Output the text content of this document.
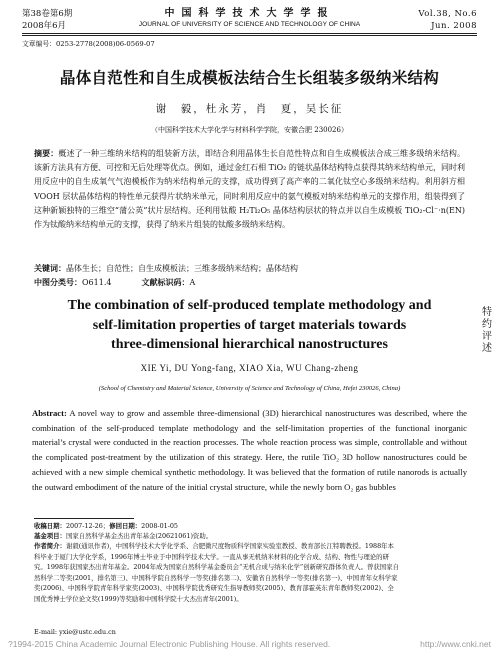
第38卷第6期
2008年6月
中国科学技术大学学报
JOURNAL OF UNIVERSITY OF SCIENCE AND TECHNOLOGY OF CHINA
Vol.38, No.6
Jun. 2008
文章编号：0253-2778(2008)06-0569-07
晶体自范性和自生成模板法结合生长组装多级纳米结构
谢　毅，杜永芳，肖　夏，吴长征
（中国科学技术大学化学与材料科学学院，安徽合肥 230026）
摘要：概述了一种三维纳米结构的组装新方法，即结合利用晶体生长自范性特点和自生成模板法合成三维多级纳米结构。该新方法具有方便、可控和无后处理等优点。例如，通过金红石相 TiO₂ 的链状晶体结构特点获得其纳米结构单元，同时利用反应中的自生成氧气气泡模板作为纳米结构单元的支撑，成功得到了高产率的二氧化钛空心多级纳米结构。利用斜方相 VOOH 层状晶体结构的特性单元获得片状纳米单元，同时利用反应中的氨气模板对纳米结构单元的支撑作用，组装得到了这种新颖独特的三维空“蒲公英”状片层结构。还利用钛酸 H₂Ti₂O₅ 晶体结构层状的特点并以自生成模板 TiO₂-Cl⁻·n(EN) 作为钛酸纳米结构单元的支撑，获得了纳米片组装的钛酸多级纳米结构。
关键词：晶体生长；自范性；自生成模板法；三维多级纳米结构；晶体结构
中图分类号：O611.4	文献标识码：A
The combination of self-produced template methodology and
self-limitation properties of target materials towards
three-dimensional hierarchical nanostructures
XIE Yi, DU Yong-fang, XIAO Xia, WU Chang-zheng
(School of Chemistry and Material Science, University of Science and Technology of China, Hefei 230026, China)
Abstract: A novel way to grow and assemble three-dimensional (3D) hierarchical nanostructures was described, where the combination of the self-produced template methodology and the self-limitation properties of the functional inorganic material’s crystal were conducted in the reaction processes. The whole reaction process was simple, controllable and without the complicated post-treatment by the utilization of this strategy. Here, the rutile TiO₂ 3D hollow nanostructures could be achieved with a new simple chemical synthetic methodology. It was believed that the formation of rutile nanorods is actually the outward embodiment of the nature of the initial crystal structure, while the newly born O₂ gas bubbles
特约评述
收稿日期：2007-12-26；修回日期：2008-01-05
基金项目：国家自然科学基金杰出青年基金(20621061)资助。
作者简介：谢毅(通讯作者)，中国科学技术大学化学系、合肥微尺度物质科学国家实验室教授、教育部长江特聘教授。1988年本科毕业于厦门大学化学系，1996年博士毕业于中国科学技术大学。一直从事无机纳米材料的化学合成、结构、物性与理论的研究。1998年获国家杰出青年基金。2004年成为国家自然科学基金委员会“无机合成与纳米化学”创新研究群体负责人。曾获国家自然科学二等奖(2001，排名第三)、中国科学院自然科学一等奖(排名第二)、安徽省自然科学一等奖(排名第一)、中国青年女科学家奖(2006)、中国科学院青年科学家奖(2003)、中国科学院优秀研究生指导教师奖(2005)、教育部霍英东青年教师奖(2002)、全国优秀博士学位论文奖(1999)等奖励和中国科学院十大杰出青年(2001)。
E-mail: yxie@ustc.edu.cn
?1994-2015 China Academic Journal Electronic Publishing House. All rights reserved.	http://www.cnki.net
